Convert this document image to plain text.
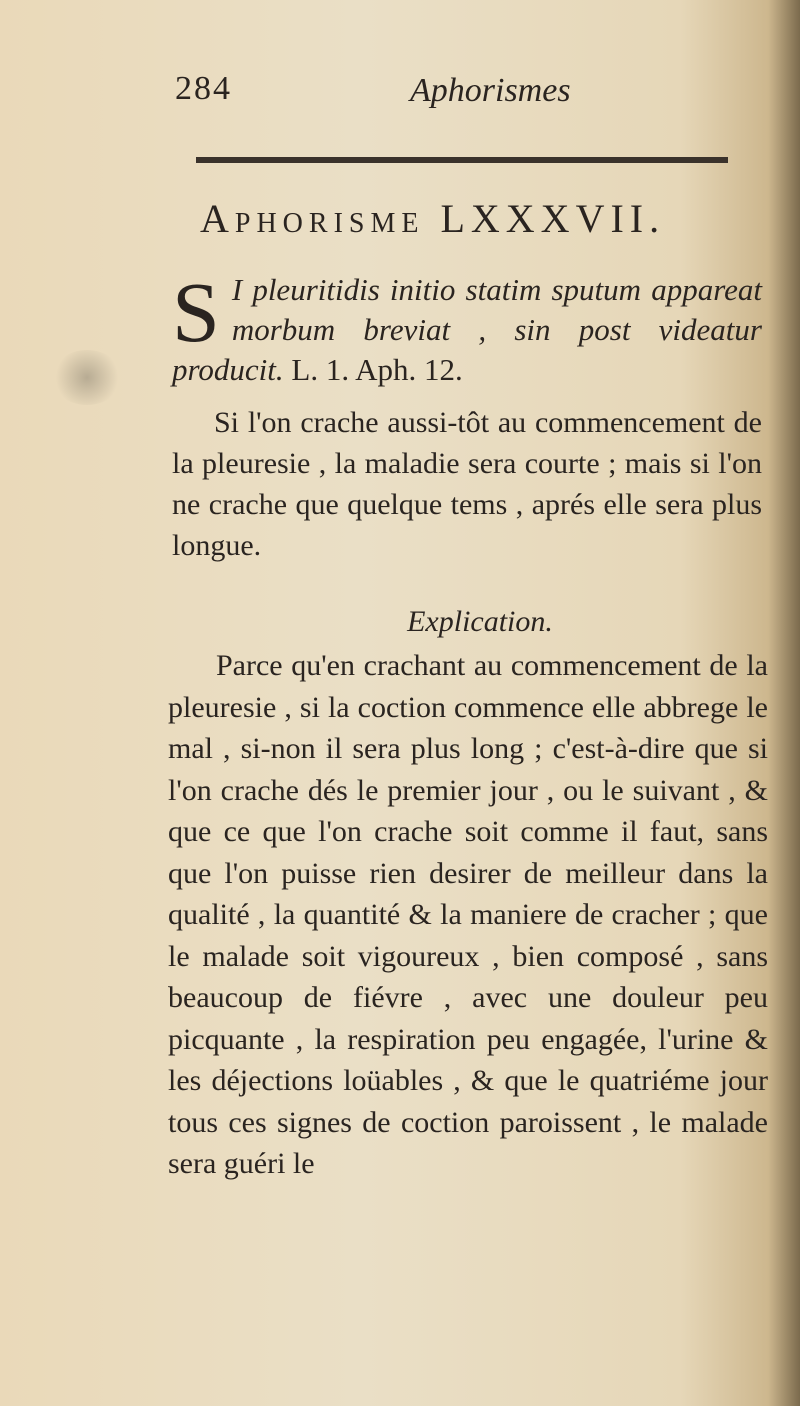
284	Aphorismes
Aphorisme LXXXVII.
S I pleuritidis initio statim sputum appareat morbum breviat , sin post videatur producit. L. 1. Aph. 12.
Si l'on crache aussi-tôt au commencement de la pleuresie , la maladie sera courte ; mais si l'on ne crache que quelque tems , aprés elle sera plus longue.
Explication.
Parce qu'en crachant au commencement de la pleuresie , si la coction commence elle abbrege le mal , si-non il sera plus long ; c'est-à-dire que si l'on crache dés le premier jour , ou le suivant , & que ce que l'on crache soit comme il faut, sans que l'on puisse rien desirer de meilleur dans la qualité , la quantité & la maniere de cracher ; que le malade soit vigoureux , bien composé , sans beaucoup de fiévre , avec une douleur peu picquante , la respiration peu engagée, l'urine & les déjections loüables , & que le quatriéme jour tous ces signes de coction paroissent , le malade sera guéri le
